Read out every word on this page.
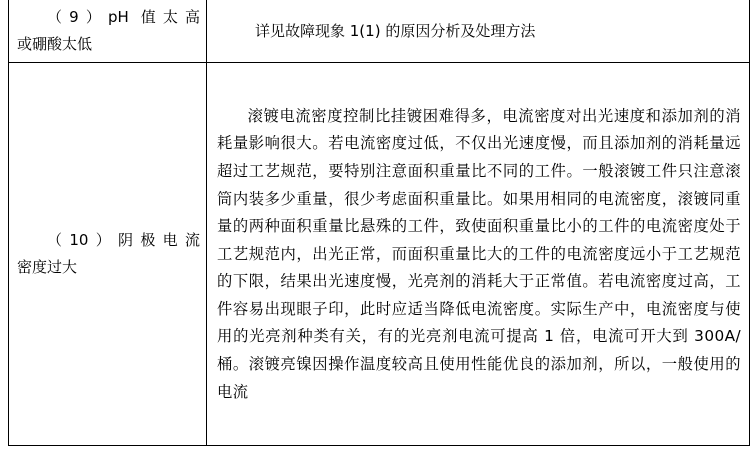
（9）pH 值太高
或硼酸太低	详见故障现象 1(1) 的原因分析及处理方法

（10）阴极电流
密度过大	滚镀电流密度控制比挂镀困难得多，电流密度对出光速度和添加剂的消耗量影响很大。若电流密度过低，不仅出光速度慢，而且添加剂的消耗量远超过工艺规范，要特别注意面积重量比不同的工件。一般滚镀工件只注意滚筒内装多少重量，很少考虑面积重量比。如果用相同的电流密度，滚镀同重量的两种面积重量比悬殊的工件，致使面积重量比小的工件的电流密度处于工艺规范内，出光正常，而面积重量比大的工件的电流密度远小于工艺规范的下限，结果出光速度慢，光亮剂的消耗大于正常值。若电流密度过高，工件容易出现眼子印，此时应适当降低电流密度。实际生产中，电流密度与使用的光亮剂种类有关，有的光亮剂电流可提高 1 倍，电流可开大到 300A/桶。滚镀亮镍因操作温度较高且使用性能优良的添加剂，所以，一般使用的电流
